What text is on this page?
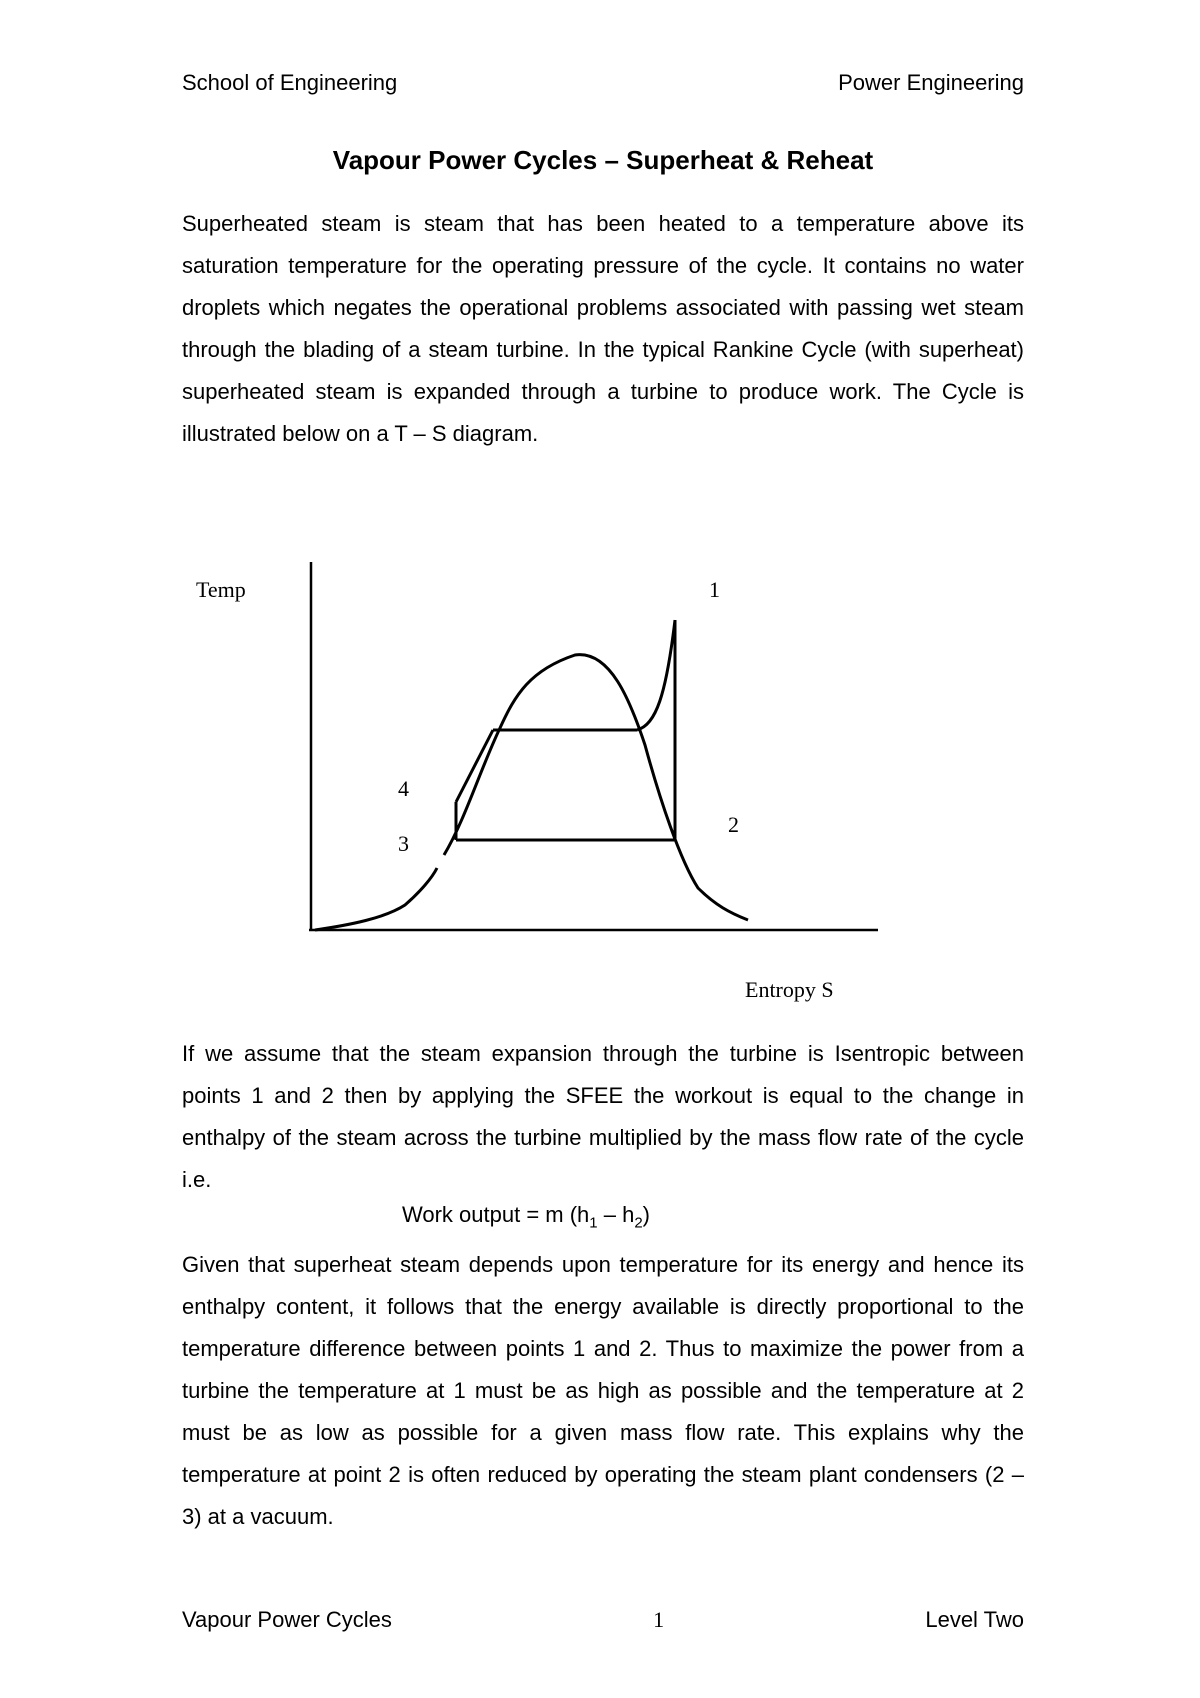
School of Engineering	Power Engineering
Vapour Power Cycles – Superheat & Reheat

Superheated steam is steam that has been heated to a temperature above its saturation temperature for the operating pressure of the cycle. It contains no water droplets which negates the operational problems associated with passing wet steam through the blading of a steam turbine. In the typical Rankine Cycle (with superheat) superheated steam is expanded through a turbine to produce work. The Cycle is illustrated below on a T – S diagram.

Temp
Entropy S
1
2
3
4

If we assume that the steam expansion through the turbine is Isentropic between points 1 and 2 then by applying the SFEE the workout is equal to the change in enthalpy of the steam across the turbine multiplied by the mass flow rate of the cycle i.e.

Work output = m $(h_1 - h_2)$

Given that superheat steam depends upon temperature for its energy and hence its enthalpy content, it follows that the energy available is directly proportional to the temperature difference between points 1 and 2. Thus to maximize the power from a turbine the temperature at 1 must be as high as possible and the temperature at 2 must be as low as possible for a given mass flow rate. This explains why the temperature at point 2 is often reduced by operating the steam plant condensers (2 – 3) at a vacuum.

Vapour Power Cycles	1	Level Two
